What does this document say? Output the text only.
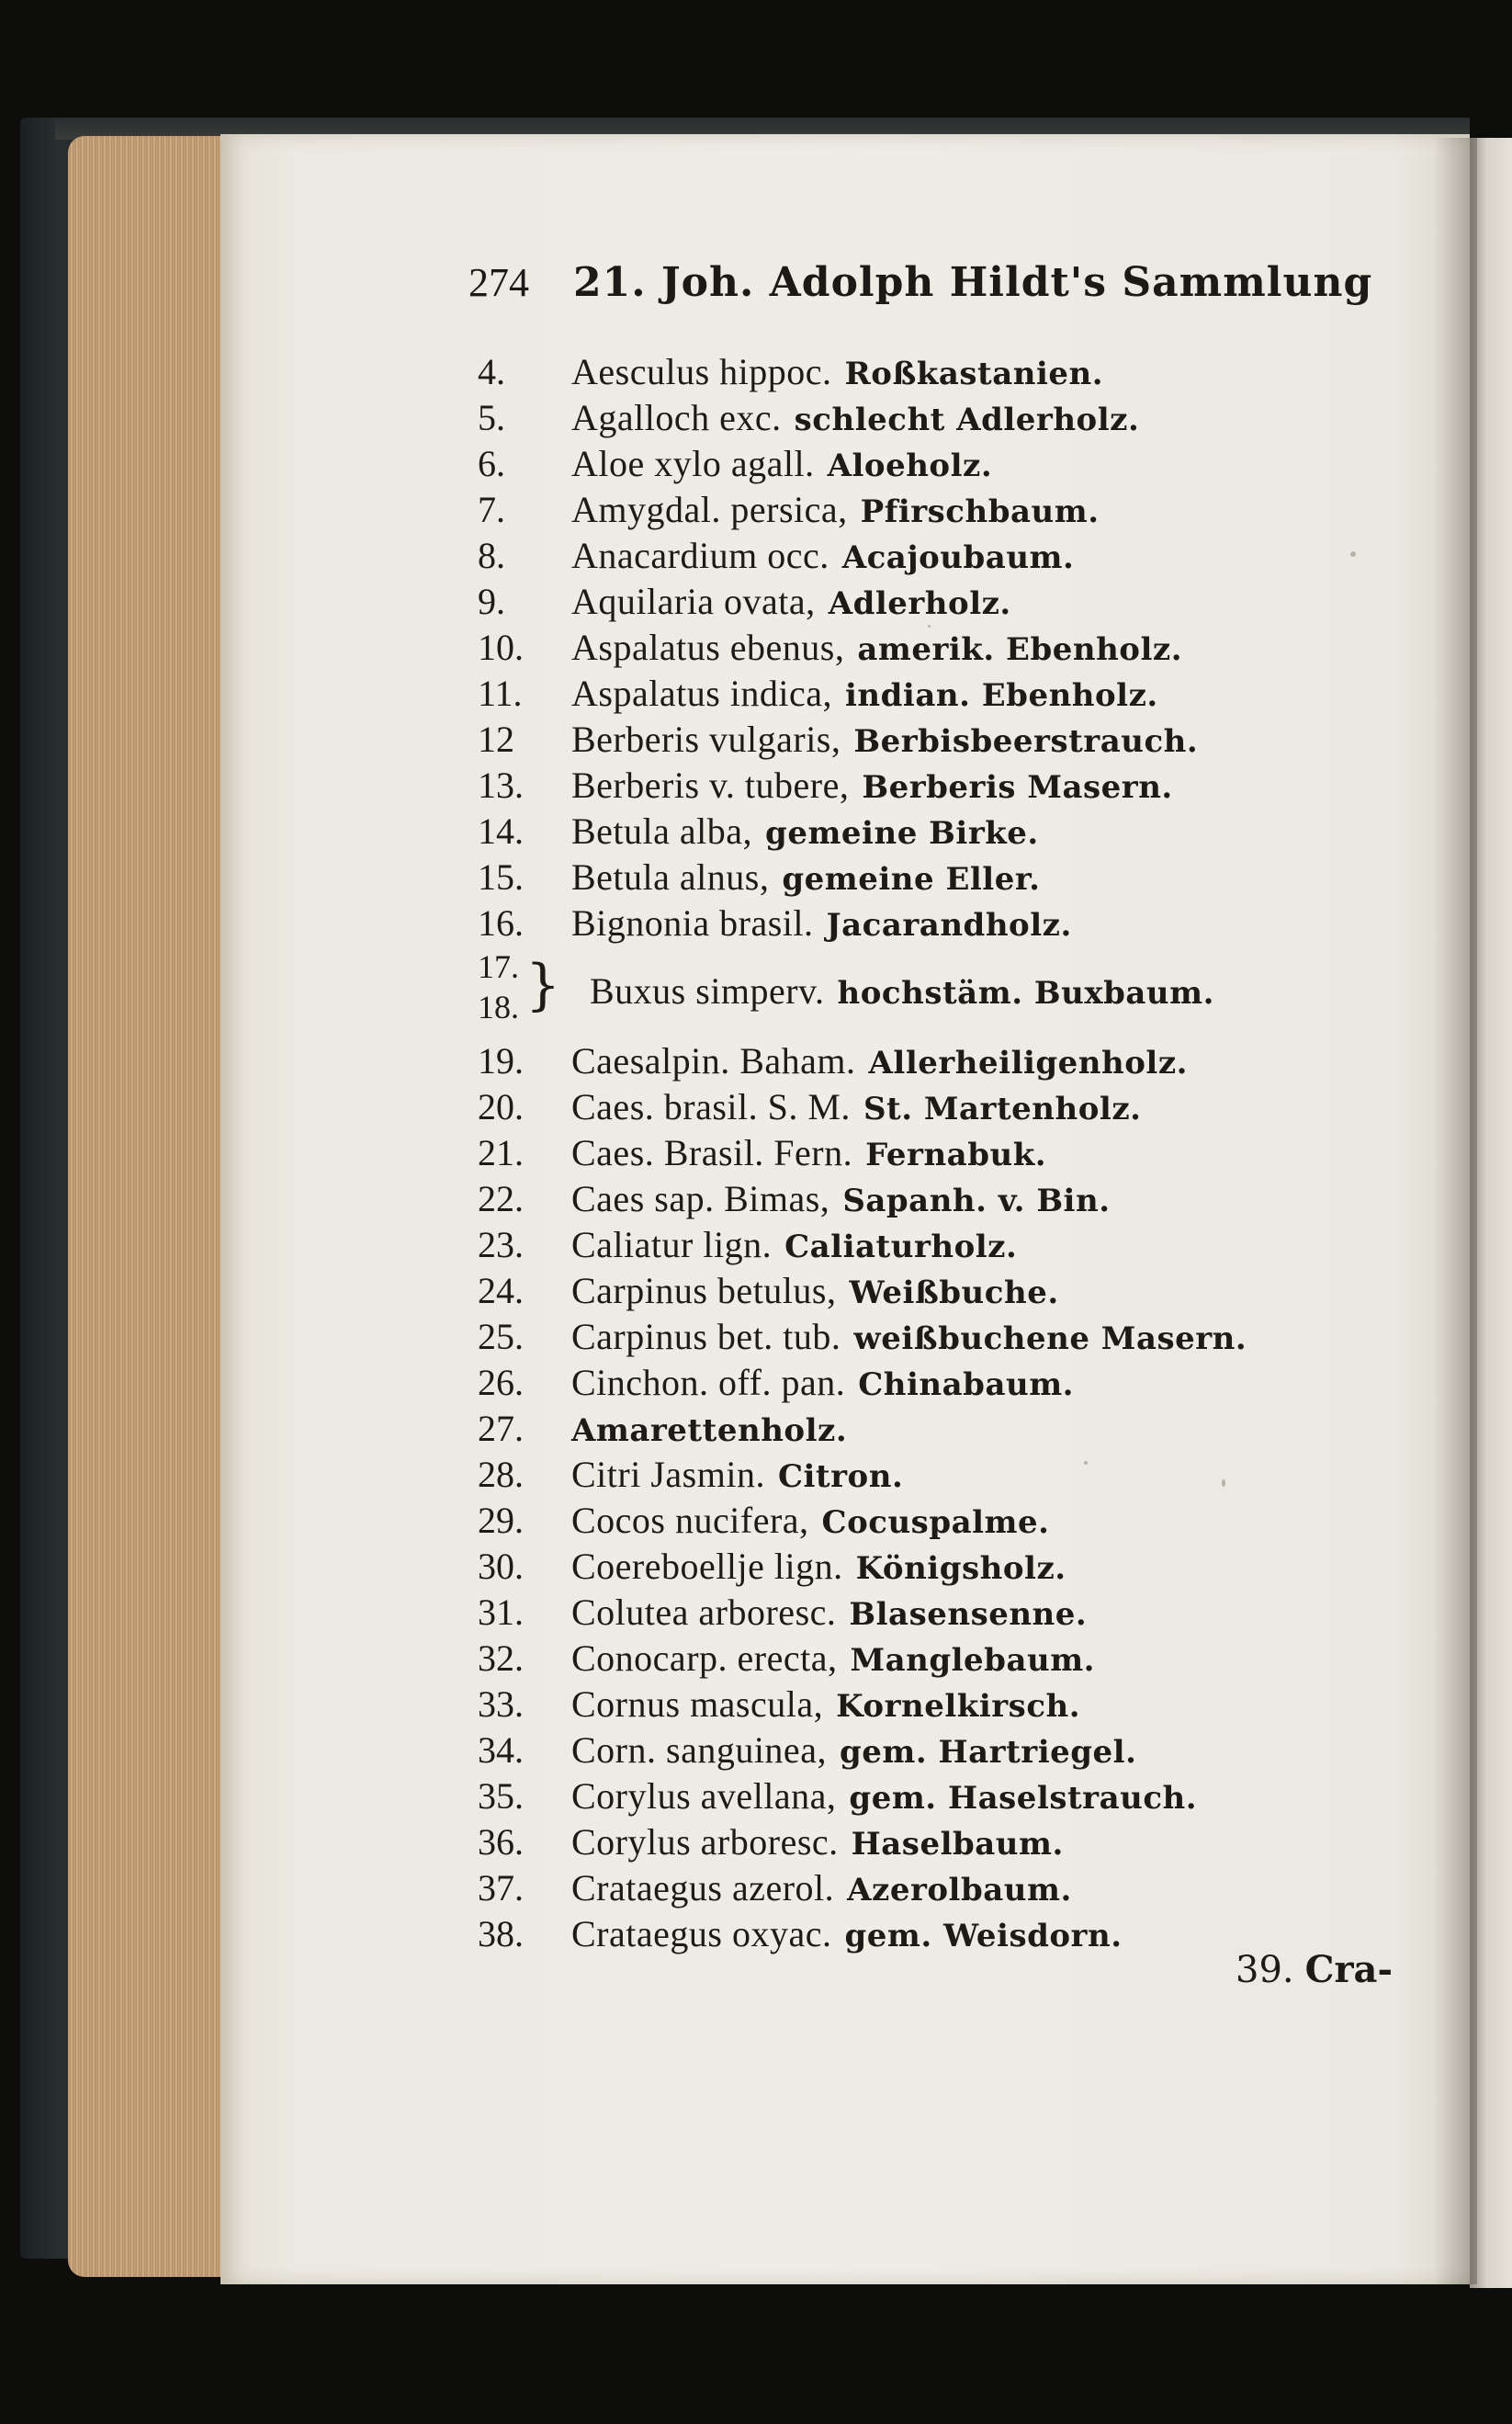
274 21. Joh. Adolph Hildt's Sammlung
4. Aesculus hippoc. Roßkastanien.
5. Agalloch exc. schlecht Adlerholz.
6. Aloe xylo agall. Aloeholz.
7. Amygdal. persica, Pfirschbaum.
8. Anacardium occ. Acajoubaum.
9. Aquilaria ovata, Adlerholz.
10. Aspalatus ebenus, amerik. Ebenholz.
11. Aspalatus indica, indian. Ebenholz.
12 Berberis vulgaris, Berbisbeerstrauch.
13. Berberis v. tubere, Berberis Masern.
14. Betula alba, gemeine Birke.
15. Betula alnus, gemeine Eller.
16. Bignonia brasil. Jacarandholz.
17.
18. } Buxus simperv. hochstäm. Buxbaum.
19. Caesalpin. Baham. Allerheiligenholz.
20. Caes. brasil. S. M. St. Martenholz.
21. Caes. Brasil. Fern. Fernabuk.
22. Caes sap. Bimas, Sapanh. v. Bin.
23. Caliatur lign. Caliaturholz.
24. Carpinus betulus, Weißbuche.
25. Carpinus bet. tub. weißbuchene Masern.
26. Cinchon. off. pan. Chinabaum.
27. Amarettenholz.
28. Citri Jasmin. Citron.
29. Cocos nucifera, Cocuspalme.
30. Coereboellje lign. Königsholz.
31. Colutea arboresc. Blasensenne.
32. Conocarp. erecta, Manglebaum.
33. Cornus mascula, Kornelkirsch.
34. Corn. sanguinea, gem. Hartriegel.
35. Corylus avellana, gem. Haselstrauch.
36. Corylus arboresc. Haselbaum.
37. Crataegus azerol. Azerolbaum.
38. Crataegus oxyac. gem. Weisdorn.
39. Cra-
